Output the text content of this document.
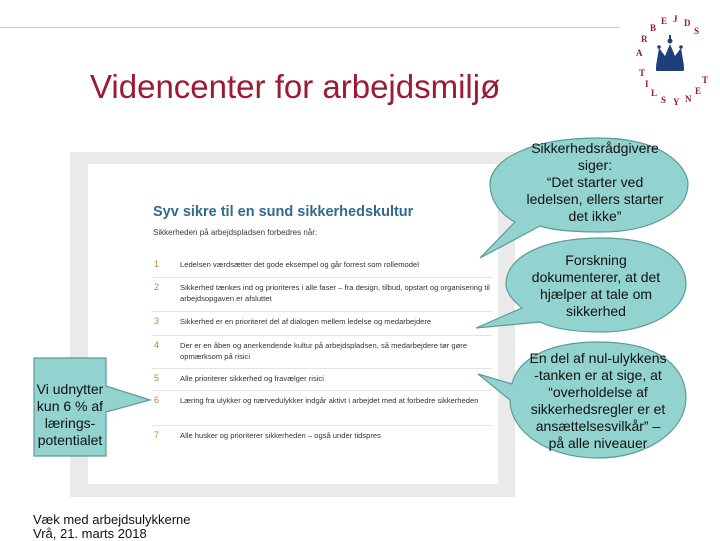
Videncenter for arbejdsmiljø
A
R
B
E J D
S
T
I
L
S Y N
E
T
Syv sikre til en sund sikkerhedskultur
Sikkerheden på arbejdspladsen forbedres når:
1	Ledelsen værdsætter det gode eksempel og går forrest som rollemodel
2	Sikkerhed tænkes ind og prioriteres i alle faser – fra design, tilbud, opstart og organisering til arbejdsopgaven er afsluttet
3	Sikkerhed er en prioriteret del af dialogen mellem ledelse og medarbejdere
4	Der er en åben og anerkendende kultur på arbejdspladsen, så medarbejdere tør gøre opmærksom på risici
5	Alle prioriterer sikkerhed og fravælger risici
6	Læring fra ulykker og nærvedulykker indgår aktivt i arbejdet med at forbedre sikkerheden
7	Alle husker og prioriterer sikkerheden – også under tidspres
Sikkerhedsrådgivere
siger:
“Det starter ved
ledelsen, ellers starter
det ikke”
Forskning
dokumenterer, at det
hjælper at tale om
sikkerhed
En del af nul-ulykkens
-tanken er at sige, at
“overholdelse af
sikkerhedsregler er et
ansættelsesvilkår” –
på alle niveauer
Vi udnytter
kun 6 % af
lærings-
potentialet
Væk med arbejdsulykkerne
Vrå, 21. marts 2018
